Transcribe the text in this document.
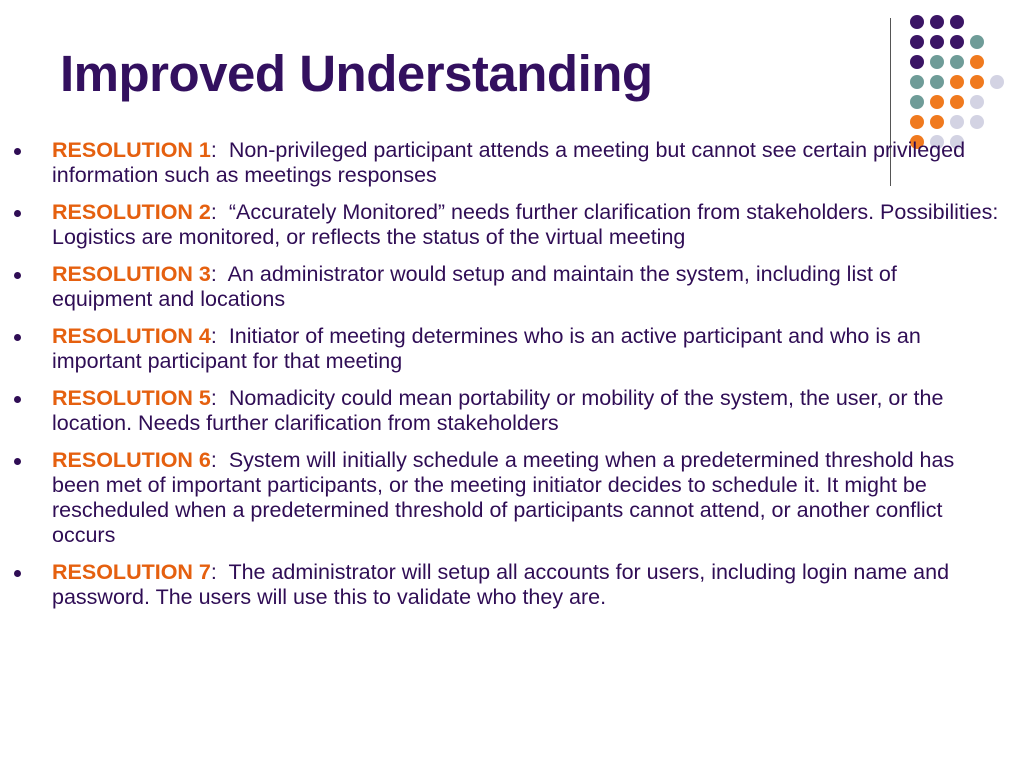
Improved Understanding
RESOLUTION 1:  Non-privileged participant attends a meeting but cannot see certain privileged information such as meetings responses
RESOLUTION 2:  “Accurately Monitored” needs further clarification from stakeholders. Possibilities: Logistics are monitored, or reflects the status of the virtual meeting
RESOLUTION 3:  An administrator would setup and maintain the system, including list of equipment and locations
RESOLUTION 4:  Initiator of meeting determines who is an active participant and who is an important participant for that meeting
RESOLUTION 5:  Nomadicity could mean portability or mobility of the system, the user, or the location. Needs further clarification from stakeholders
RESOLUTION 6:  System will initially schedule a meeting when a predetermined threshold has been met of important participants, or the meeting initiator decides to schedule it. It might be rescheduled when a predetermined threshold of participants cannot attend, or another conflict occurs
RESOLUTION 7:  The administrator will setup all accounts for users, including login name and password. The users will use this to validate who they are.
